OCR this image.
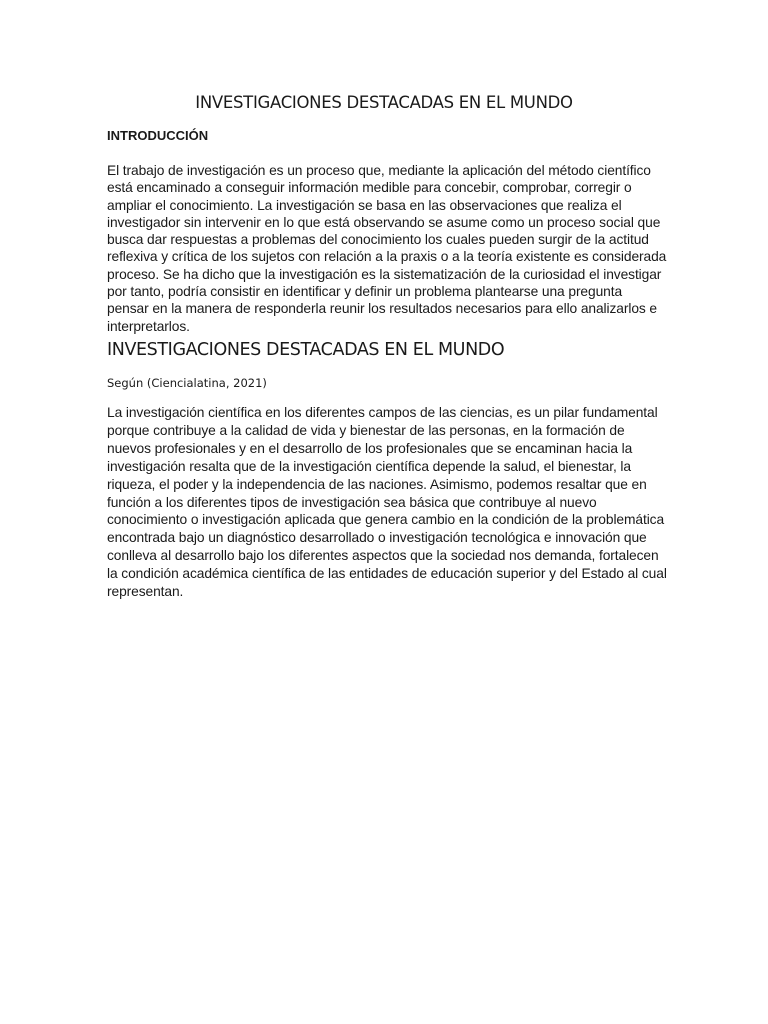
INVESTIGACIONES DESTACADAS EN EL MUNDO
INTRODUCCIÓN

El trabajo de investigación es un proceso que, mediante la aplicación del método científico está encaminado a conseguir información medible para concebir, comprobar, corregir o ampliar el conocimiento. La investigación se basa en las observaciones que realiza el investigador sin intervenir en lo que está observando se asume como un proceso social que busca dar respuestas a problemas del conocimiento los cuales pueden surgir de la actitud reflexiva y crítica de los sujetos con relación a la praxis o a la teoría existente es considerada proceso. Se ha dicho que la investigación es la sistematización de la curiosidad el investigar por tanto, podría consistir en identificar y definir un problema plantearse una pregunta pensar en la manera de responderla reunir los resultados necesarios para ello analizarlos e interpretarlos.

INVESTIGACIONES DESTACADAS EN EL MUNDO

Según (Ciencialatina, 2021)

La investigación científica en los diferentes campos de las ciencias, es un pilar fundamental porque contribuye a la calidad de vida y bienestar de las personas, en la formación de nuevos profesionales y en el desarrollo de los profesionales que se encaminan hacia la investigación resalta que de la investigación científica depende la salud, el bienestar, la riqueza, el poder y la independencia de las naciones. Asimismo, podemos resaltar que en función a los diferentes tipos de investigación sea básica que contribuye al nuevo conocimiento o investigación aplicada que genera cambio en la condición de la problemática encontrada bajo un diagnóstico desarrollado o investigación tecnológica e innovación que conlleva al desarrollo bajo los diferentes aspectos que la sociedad nos demanda, fortalecen la condición académica científica de las entidades de educación superior y del Estado al cual representan.
